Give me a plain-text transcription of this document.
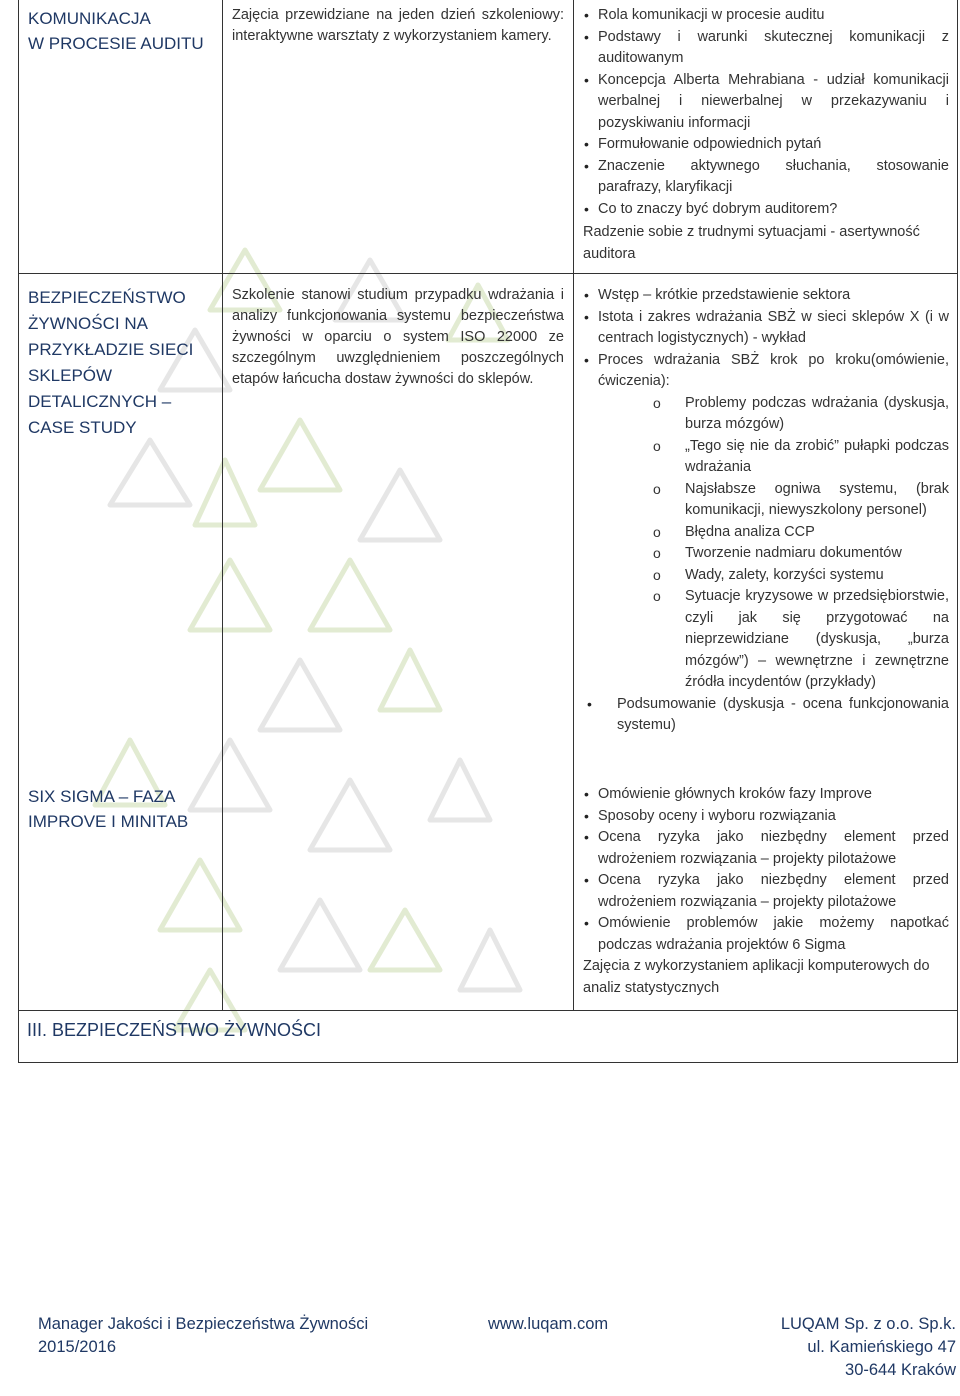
KOMUNIKACJA
W PROCESIE AUDITU
Zajęcia przewidziane na jeden dzień szkoleniowy: interaktywne warsztaty z wykorzystaniem kamery.
• Rola komunikacji w procesie auditu
• Podstawy i warunki skutecznej komunikacji z auditowanym
• Koncepcja Alberta Mehrabiana - udział komunikacji werbalnej i niewerbalnej w przekazywaniu i pozyskiwaniu informacji
• Formułowanie odpowiednich pytań
• Znaczenie aktywnego słuchania, stosowanie parafrazy, klaryfikacji
• Co to znaczy być dobrym auditorem?
Radzenie sobie z trudnymi sytuacjami - asertywność auditora
BEZPIECZEŃSTWO
ŻYWNOŚCI NA
PRZYKŁADZIE SIECI
SKLEPÓW
DETALICZNYCH –
CASE STUDY
Szkolenie stanowi studium przypadku wdrażania i analizy funkcjonowania systemu bezpieczeństwa żywności w oparciu o system ISO 22000 ze szczególnym uwzględnieniem poszczególnych etapów łańcucha dostaw żywności do sklepów.
• Wstęp – krótkie przedstawienie sektora
• Istota i zakres wdrażania SBŻ w sieci sklepów X (i w centrach logistycznych) - wykład
• Proces wdrażania SBŻ krok po kroku(omówienie, ćwiczenia):
o Problemy podczas wdrażania (dyskusja, burza mózgów)
o „Tego się nie da zrobić” pułapki podczas wdrażania
o Najsłabsze ogniwa systemu, (brak komunikacji, niewyszkolony personel)
o Błędna analiza CCP
o Tworzenie nadmiaru dokumentów
o Wady, zalety, korzyści systemu
o Sytuacje kryzysowe w przedsiębiorstwie, czyli jak się przygotować na nieprzewidziane (dyskusja, „burza mózgów”) – wewnętrzne i zewnętrzne źródła incydentów (przykłady)
• Podsumowanie (dyskusja - ocena funkcjonowania systemu)
SIX SIGMA – FAZA
IMPROVE I MINITAB
• Omówienie głównych kroków fazy Improve
• Sposoby oceny i wyboru rozwiązania
• Ocena ryzyka jako niezbędny element przed wdrożeniem rozwiązania – projekty pilotażowe
• Ocena ryzyka jako niezbędny element przed wdrożeniem rozwiązania – projekty pilotażowe
• Omówienie problemów jakie możemy napotkać podczas wdrażania projektów 6 Sigma
Zajęcia z wykorzystaniem aplikacji komputerowych do analiz statystycznych
III. BEZPIECZEŃSTWO ŻYWNOŚCI
Manager Jakości i Bezpieczeństwa Żywności
2015/2016
www.luqam.com	LUQAM Sp. z o.o. Sp.k.
ul. Kamieńskiego 47
30-644 Kraków
